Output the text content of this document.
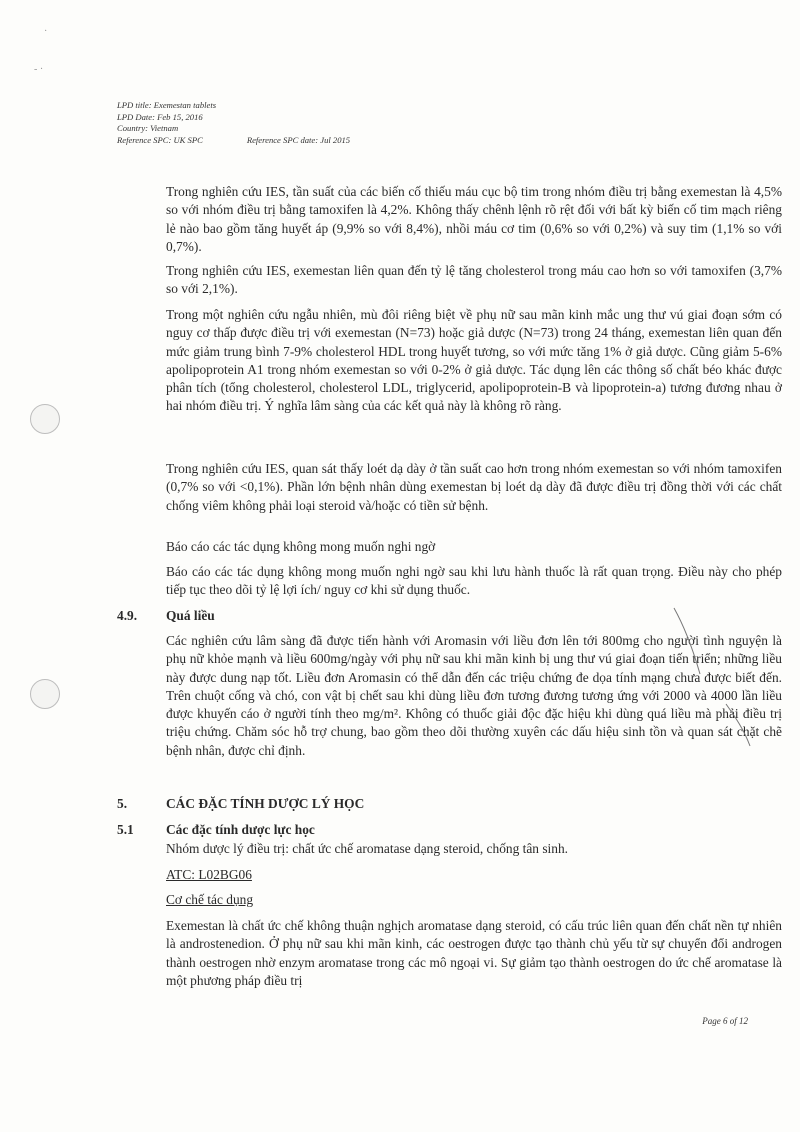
·
- ·
LPD title: Exemestan tablets
LPD Date: Feb 15, 2016
Country: Vietnam
Reference SPC: UK SPC	Reference SPC date: Jul 2015
Trong nghiên cứu IES, tần suất của các biến cố thiếu máu cục bộ tim trong nhóm điều trị bằng exemestan là 4,5% so với nhóm điều trị bằng tamoxifen là 4,2%. Không thấy chênh lệnh rõ rệt đối với bất kỳ biến cố tim mạch riêng lẻ nào bao gồm tăng huyết áp (9,9% so với 8,4%), nhồi máu cơ tim (0,6% so với 0,2%) và suy tim (1,1% so với 0,7%).
Trong nghiên cứu IES, exemestan liên quan đến tỷ lệ tăng cholesterol trong máu cao hơn so với tamoxifen (3,7% so với 2,1%).
Trong một nghiên cứu ngẫu nhiên, mù đôi riêng biệt về phụ nữ sau mãn kinh mắc ung thư vú giai đoạn sớm có nguy cơ thấp được điều trị với exemestan (N=73) hoặc giả dược (N=73) trong 24 tháng, exemestan liên quan đến mức giảm trung bình 7-9% cholesterol HDL trong huyết tương, so với mức tăng 1% ở giả dược. Cũng giảm 5-6% apolipoprotein A1 trong nhóm exemestan so với 0-2% ở giả dược. Tác dụng lên các thông số chất béo khác được phân tích (tổng cholesterol, cholesterol LDL, triglycerid, apolipoprotein-B và lipoprotein-a) tương đương nhau ở hai nhóm điều trị. Ý nghĩa lâm sàng của các kết quả này là không rõ ràng.
Trong nghiên cứu IES, quan sát thấy loét dạ dày ở tần suất cao hơn trong nhóm exemestan so với nhóm tamoxifen (0,7% so với <0,1%). Phần lớn bệnh nhân dùng exemestan bị loét dạ dày đã được điều trị đồng thời với các chất chống viêm không phải loại steroid và/hoặc có tiền sử bệnh.
Báo cáo các tác dụng không mong muốn nghi ngờ
Báo cáo các tác dụng không mong muốn nghi ngờ sau khi lưu hành thuốc là rất quan trọng. Điều này cho phép tiếp tục theo dõi tỷ lệ lợi ích/ nguy cơ khi sử dụng thuốc.
4.9. Quá liều
Các nghiên cứu lâm sàng đã được tiến hành với Aromasin với liều đơn lên tới 800mg cho người tình nguyện là phụ nữ khỏe mạnh và liều 600mg/ngày với phụ nữ sau khi mãn kinh bị ung thư vú giai đoạn tiến triển; những liều này được dung nạp tốt. Liều đơn Aromasin có thể dẫn đến các triệu chứng đe dọa tính mạng chưa được biết đến. Trên chuột cống và chó, con vật bị chết sau khi dùng liều đơn tương đương tương ứng với 2000 và 4000 lần liều được khuyến cáo ở người tính theo mg/m². Không có thuốc giải độc đặc hiệu khi dùng quá liều mà phải điều trị triệu chứng. Chăm sóc hỗ trợ chung, bao gồm theo dõi thường xuyên các dấu hiệu sinh tồn và quan sát chặt chẽ bệnh nhân, được chỉ định.
5.	CÁC ĐẶC TÍNH DƯỢC LÝ HỌC
5.1 Các đặc tính dược lực học
Nhóm dược lý điều trị: chất ức chế aromatase dạng steroid, chống tân sinh.
ATC: L02BG06
Cơ chế tác dụng
Exemestan là chất ức chế không thuận nghịch aromatase dạng steroid, có cấu trúc liên quan đến chất nền tự nhiên là androstenedion. Ở phụ nữ sau khi mãn kinh, các oestrogen được tạo thành chủ yếu từ sự chuyển đổi androgen thành oestrogen nhờ enzym aromatase trong các mô ngoại vi. Sự giảm tạo thành oestrogen do ức chế aromatase là một phương pháp điều trị
Page 6 of 12
